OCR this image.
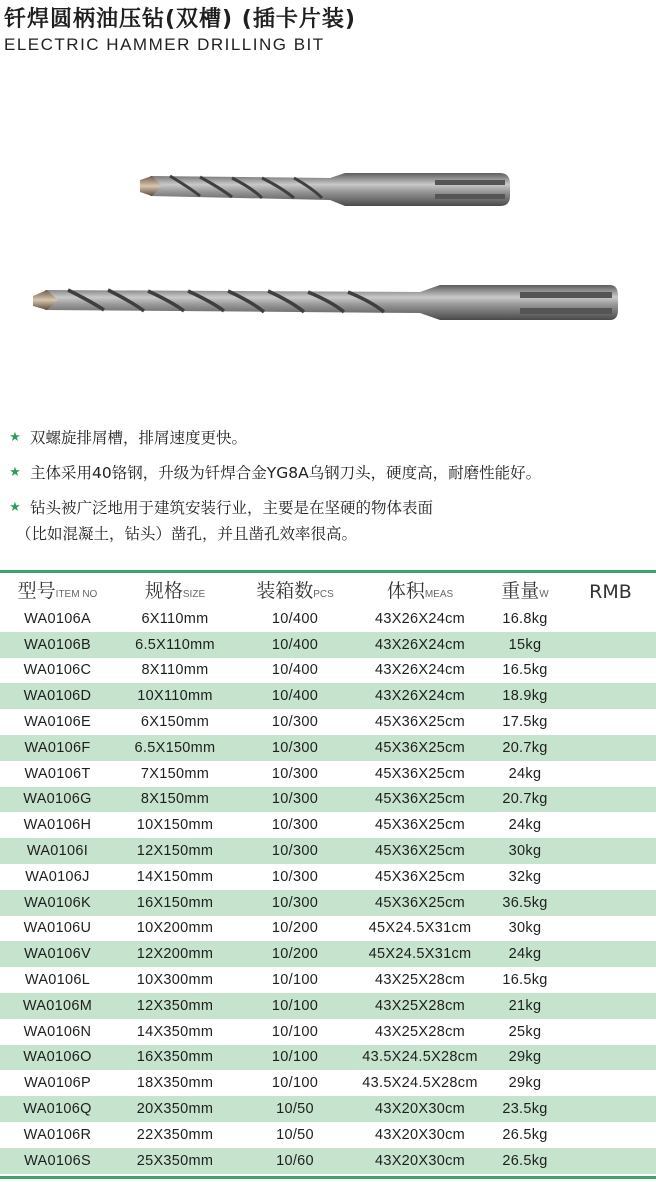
钎焊圆柄油压钻(双槽) (插卡片装)
ELECTRIC HAMMER DRILLING BIT
★ 双螺旋排屑槽，排屑速度更快。
★ 主体采用40铬钢，升级为钎焊合金YG8A乌钢刀头，硬度高，耐磨性能好。
★ 钻头被广泛地用于建筑安装行业，主要是在坚硬的物体表面
（比如混凝土，钻头）凿孔，并且凿孔效率很高。
型号ITEM NO	规格SIZE	装箱数PCS	体积MEAS	重量W	RMB
WA0106A	6X110mm	10/400	43X26X24cm	16.8kg
WA0106B	6.5X110mm	10/400	43X26X24cm	15kg
WA0106C	8X110mm	10/400	43X26X24cm	16.5kg
WA0106D	10X110mm	10/400	43X26X24cm	18.9kg
WA0106E	6X150mm	10/300	45X36X25cm	17.5kg
WA0106F	6.5X150mm	10/300	45X36X25cm	20.7kg
WA0106T	7X150mm	10/300	45X36X25cm	24kg
WA0106G	8X150mm	10/300	45X36X25cm	20.7kg
WA0106H	10X150mm	10/300	45X36X25cm	24kg
WA0106I	12X150mm	10/300	45X36X25cm	30kg
WA0106J	14X150mm	10/300	45X36X25cm	32kg
WA0106K	16X150mm	10/300	45X36X25cm	36.5kg
WA0106U	10X200mm	10/200	45X24.5X31cm	30kg
WA0106V	12X200mm	10/200	45X24.5X31cm	24kg
WA0106L	10X300mm	10/100	43X25X28cm	16.5kg
WA0106M	12X350mm	10/100	43X25X28cm	21kg
WA0106N	14X350mm	10/100	43X25X28cm	25kg
WA0106O	16X350mm	10/100	43.5X24.5X28cm	29kg
WA0106P	18X350mm	10/100	43.5X24.5X28cm	29kg
WA0106Q	20X350mm	10/50	43X20X30cm	23.5kg
WA0106R	22X350mm	10/50	43X20X30cm	26.5kg
WA0106S	25X350mm	10/60	43X20X30cm	26.5kg
